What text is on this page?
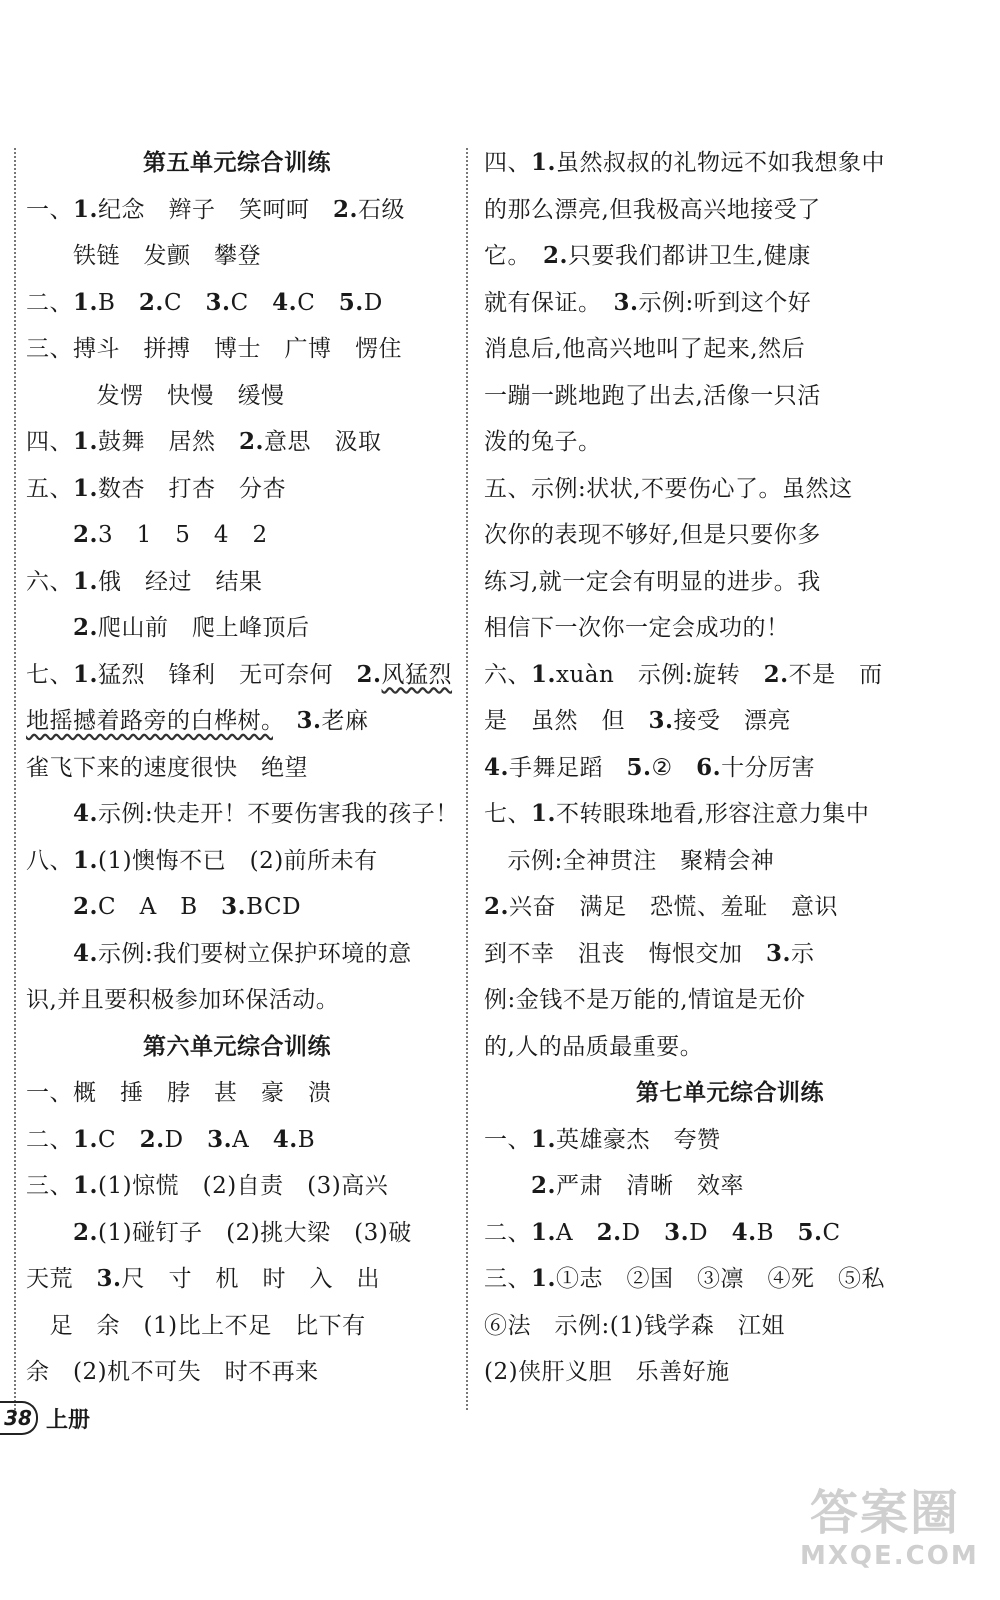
第五单元综合训练
一、1.纪念　辫子　笑呵呵　2.石级
　　铁链　发颤　攀登
二、1.B　2.C　3.C　4.C　5.D
三、搏斗　拼搏　博士　广博　愣住
　　　发愣　快慢　缓慢
四、1.鼓舞　居然　2.意思　汲取
五、1.数杏　打杏　分杏
　　2.3　1　5　4　2
六、1.俄　经过　结果
　　2.爬山前　爬上峰顶后
七、1.猛烈　锋利　无可奈何　2.风猛烈
地摇撼着路旁的白桦树。　 3.老麻
雀飞下来的速度很快　绝望
　　4.示例:快走开！不要伤害我的孩子！
八、1.(1)懊悔不已　(2)前所未有
　　2.C　A　B　3.BCD
　　4.示例:我们要树立保护环境的意
识,并且要积极参加环保活动。
第六单元综合训练
一、概　捶　脖　甚　豪　溃
二、1.C　2.D　3.A　4.B
三、1.(1)惊慌　(2)自责　(3)高兴
　　2.(1)碰钉子　(2)挑大梁　(3)破
天荒　3.尺　寸　机　时　入　出
　足　余　(1)比上不足　比下有
余　(2)机不可失　时不再来
四、1.虽然叔叔的礼物远不如我想象中
的那么漂亮,但我极高兴地接受了
它。　2.只要我们都讲卫生,健康
就有保证。　3.示例:听到这个好
消息后,他高兴地叫了起来,然后
一蹦一跳地跑了出去,活像一只活
泼的兔子。
五、示例:状状,不要伤心了。虽然这
次你的表现不够好,但是只要你多
练习,就一定会有明显的进步。我
相信下一次你一定会成功的！
六、1.xuàn　示例:旋转　2.不是　而
是　虽然　但　3.接受　漂亮
4.手舞足蹈　5.②　6.十分厉害
七、1.不转眼珠地看,形容注意力集中
　示例:全神贯注　聚精会神
2.兴奋　满足　恐慌、羞耻　意识
到不幸　沮丧　悔恨交加　3.示
例:金钱不是万能的,情谊是无价
的,人的品质最重要。
第七单元综合训练
一、1.英雄豪杰　夸赞
　　2.严肃　清晰　效率
二、1.A　2.D　3.D　4.B　5.C
三、1.①志　②国　③凛　④死　⑤私
⑥法　示例:(1)钱学森　江姐
(2)侠肝义胆　乐善好施
38 上册
答案圈
MXQE.COM
